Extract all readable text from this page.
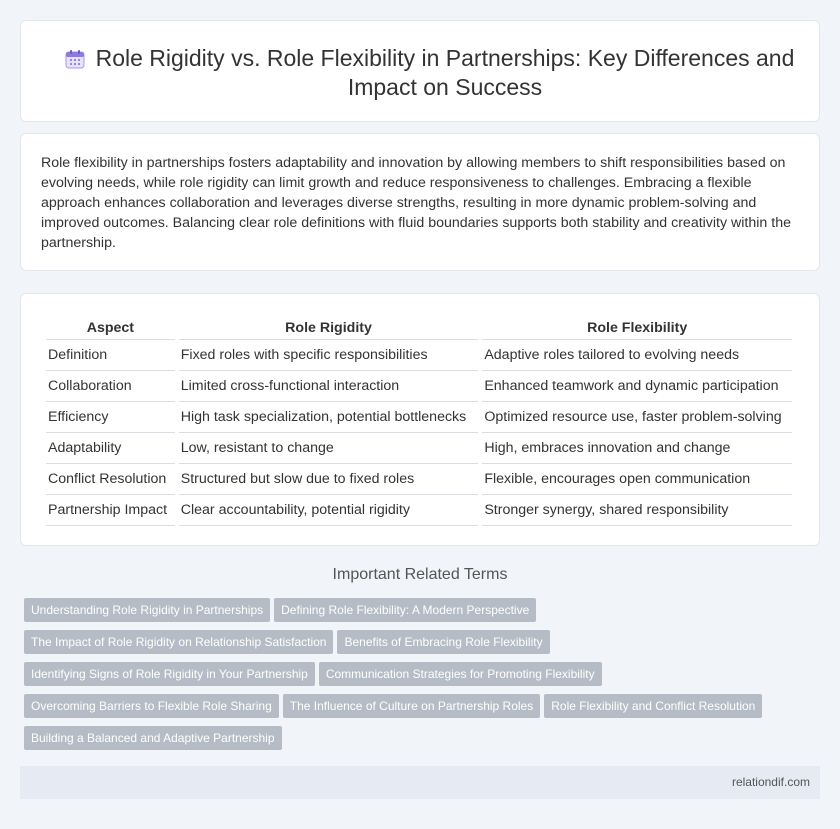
Role Rigidity vs. Role Flexibility in Partnerships: Key Differences and Impact on Success

Role flexibility in partnerships fosters adaptability and innovation by allowing members to shift responsibilities based on evolving needs, while role rigidity can limit growth and reduce responsiveness to challenges. Embracing a flexible approach enhances collaboration and leverages diverse strengths, resulting in more dynamic problem-solving and improved outcomes. Balancing clear role definitions with fluid boundaries supports both stability and creativity within the partnership.

Aspect	Role Rigidity	Role Flexibility
Definition	Fixed roles with specific responsibilities	Adaptive roles tailored to evolving needs
Collaboration	Limited cross-functional interaction	Enhanced teamwork and dynamic participation
Efficiency	High task specialization, potential bottlenecks	Optimized resource use, faster problem-solving
Adaptability	Low, resistant to change	High, embraces innovation and change
Conflict Resolution	Structured but slow due to fixed roles	Flexible, encourages open communication
Partnership Impact	Clear accountability, potential rigidity	Stronger synergy, shared responsibility
Important Related Terms
Understanding Role Rigidity in Partnerships Defining Role Flexibility: A Modern Perspective
The Impact of Role Rigidity on Relationship Satisfaction Benefits of Embracing Role Flexibility
Identifying Signs of Role Rigidity in Your Partnership Communication Strategies for Promoting Flexibility
Overcoming Barriers to Flexible Role Sharing The Influence of Culture on Partnership Roles Role Flexibility and Conflict Resolution
Building a Balanced and Adaptive Partnership
relationdif.com
